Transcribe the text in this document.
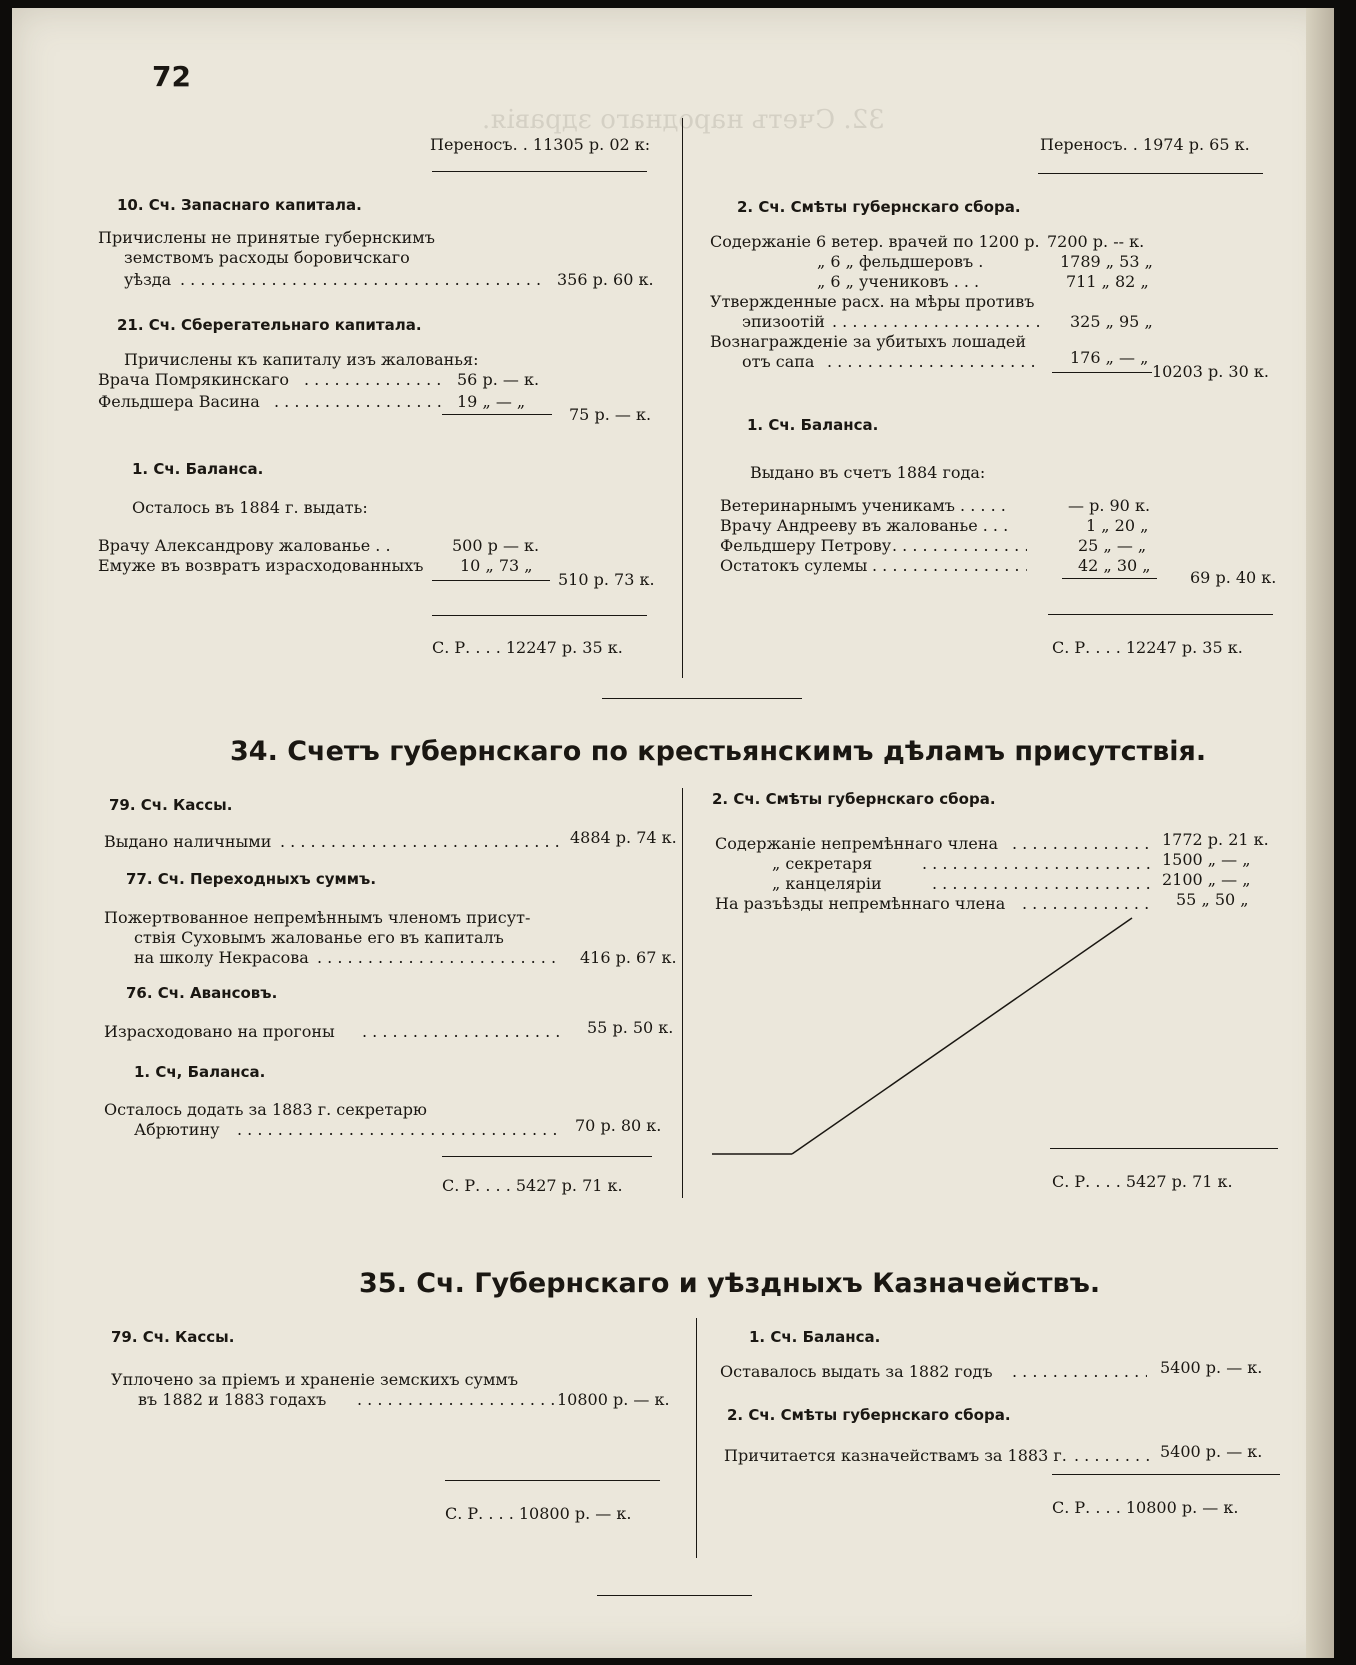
32. Счетъ народнаго здравія.
72
Переносъ. . 11305 р. 02 к:
10. Сч. Запаснаго капитала.
Причислены не принятые губернскимъ
земствомъ расходы боровичскаго
уѣзда . . .	356 р. 60 к.
21. Сч. Сберегательнаго капитала.
Причислены къ капиталу изъ жалованья:
Врача Помрякинскаго . . .	56 р. — к.
Фельдшера Васина . . .	19 „ — „
75 р. — к.
1. Сч. Баланса.
Осталось въ 1884 г. выдать:
Врачу Александрову жалованье . .	500 р — к.
Емуже въ возвратъ израсходованныхъ 10 „ 73 „
510 р. 73 к.
С. Р. . . . 12247 р. 35 к.
Переносъ. . 1974 р. 65 к.
2. Сч. Смѣты губернскаго сбора.
Содержаніе 6 ветер. врачей по 1200 р. 7200 р. -- к.
„ 6 „ фельдшеровъ .	1789 „ 53 „
„ 6 „ учениковъ . . .	711 „ 82 „
Утвержденные расх. на мѣры противъ
эпизоотій . . .	325 „ 95 „
Вознагражденіе за убитыхъ лошадей
отъ сапа . . .	176 „ — „
10203 р. 30 к.
1. Сч. Баланса.
Выдано въ счетъ 1884 года:
Ветеринарнымъ ученикамъ . . . . .	— р. 90 к.
Врачу Андрееву въ жалованье . . .	1 „ 20 „
Фельдшеру Петрову . . .	25 „ — „
Остатокъ сулемы . . .	42 „ 30 „
69 р. 40 к.
С. Р. . . . 12247 р. 35 к.
34. Счетъ губернскаго по крестьянскимъ дѣламъ присутствія.
79. Сч. Кассы.
Выдано наличными . . .	4884 р. 74 к.
77. Сч. Переходныхъ суммъ.
Пожертвованное непремѣннымъ членомъ присут-
ствія Суховымъ жалованье его въ капиталъ
на школу Некрасова . . .	416 р. 67 к.
76. Сч. Авансовъ.
Израсходовано на прогоны . . .	55 р. 50 к.
1. Сч, Баланса.
Осталось додать за 1883 г. секретарю
Абрютину . . .	70 р. 80 к.
С. Р. . . . 5427 р. 71 к.
2. Сч. Смѣты губернскаго сбора.
Содержаніе непремѣннаго члена . . .	1772 р. 21 к.
„ секретаря . . .	1500 „ — „
„ канцеляріи . . .	2100 „ — „
На разъѣзды непремѣннаго члена . . .	55 „ 50 „
С. Р. . . . 5427 р. 71 к.
35. Сч. Губернскаго и уѣздныхъ Казначействъ.
79. Сч. Кассы.
Уплочено за пріемъ и храненіе земскихъ суммъ
въ 1882 и 1883 годахъ . . .	10800 р. — к.
С. Р. . . . 10800 р. — к.
1. Сч. Баланса.
Оставалось выдать за 1882 годъ . . .	5400 р. — к.
2. Сч. Смѣты губернскаго сбора.
Причитается казначействамъ за 1883 г. . . .	5400 р. — к.
С. Р. . . . 10800 р. — к.
